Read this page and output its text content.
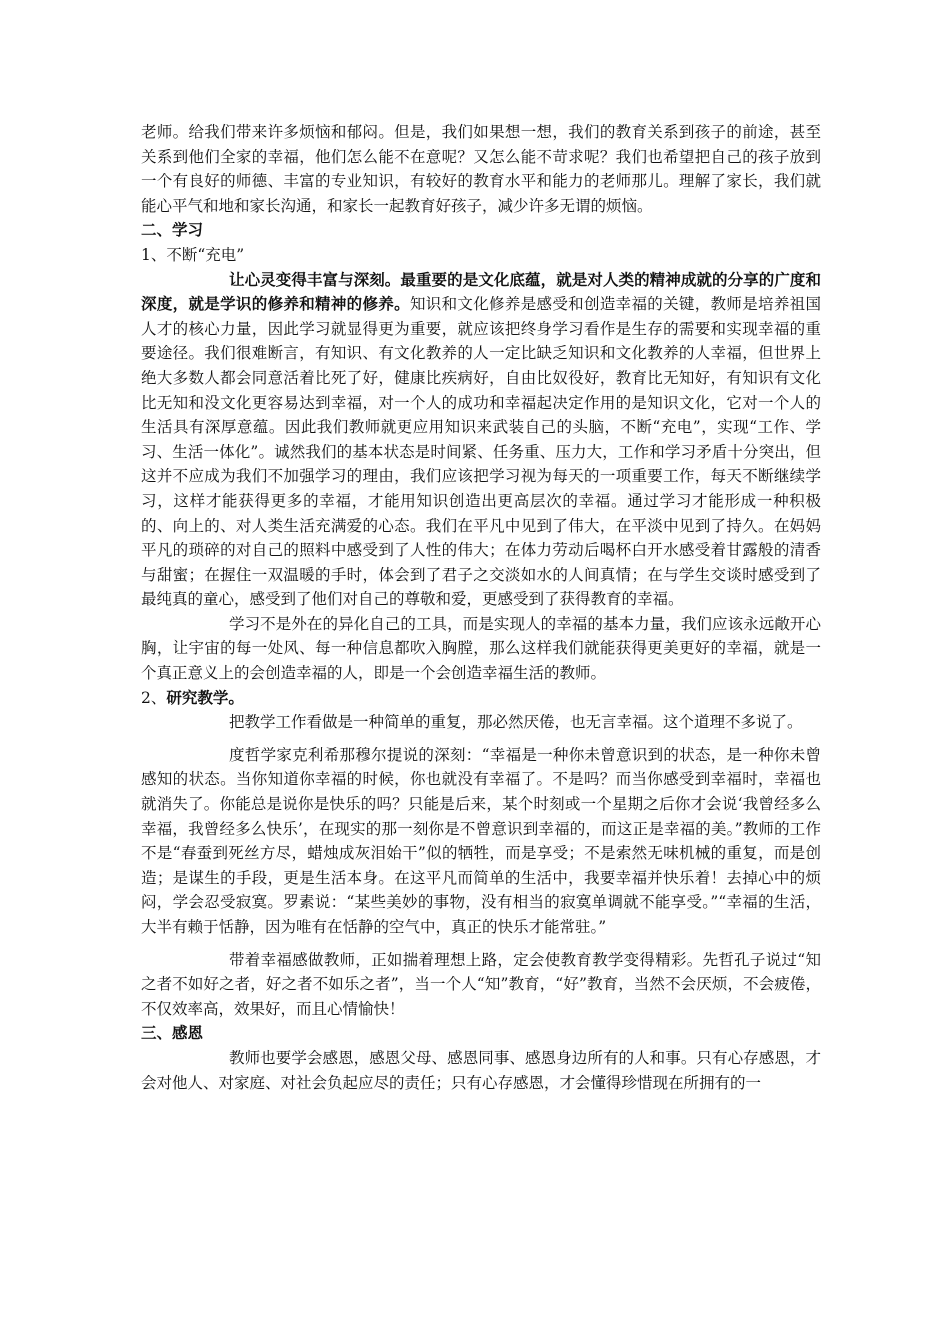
老师。给我们带来许多烦恼和郁闷。但是，我们如果想一想，我们的教育关系到孩子的前途，甚至关系到他们全家的幸福，他们怎么能不在意呢？又怎么能不苛求呢？我们也希望把自己的孩子放到一个有良好的师德、丰富的专业知识，有较好的教育水平和能力的老师那儿。理解了家长，我们就能心平气和地和家长沟通，和家长一起教育好孩子，减少许多无谓的烦恼。

二、学习

1、不断“充电”

让心灵变得丰富与深刻。最重要的是文化底蕴，就是对人类的精神成就的分享的广度和深度，就是学识的修养和精神的修养。知识和文化修养是感受和创造幸福的关键，教师是培养祖国人才的核心力量，因此学习就显得更为重要，就应该把终身学习看作是生存的需要和实现幸福的重要途径。我们很难断言，有知识、有文化教养的人一定比缺乏知识和文化教养的人幸福，但世界上绝大多数人都会同意活着比死了好，健康比疾病好，自由比奴役好，教育比无知好，有知识有文化比无知和没文化更容易达到幸福，对一个人的成功和幸福起决定作用的是知识文化，它对一个人的生活具有深厚意蕴。因此我们教师就更应用知识来武装自己的头脑，不断“充电”，实现“工作、学习、生活一体化”。诚然我们的基本状态是时间紧、任务重、压力大，工作和学习矛盾十分突出，但这并不应成为我们不加强学习的理由，我们应该把学习视为每天的一项重要工作，每天不断继续学习，这样才能获得更多的幸福，才能用知识创造出更高层次的幸福。通过学习才能形成一种积极的、向上的、对人类生活充满爱的心态。我们在平凡中见到了伟大，在平淡中见到了持久。在妈妈平凡的琐碎的对自己的照料中感受到了人性的伟大；在体力劳动后喝杯白开水感受着甘露般的清香与甜蜜；在握住一双温暖的手时，体会到了君子之交淡如水的人间真情；在与学生交谈时感受到了最纯真的童心，感受到了他们对自己的尊敬和爱，更感受到了获得教育的幸福。

学习不是外在的异化自己的工具，而是实现人的幸福的基本力量，我们应该永远敞开心胸，让宇宙的每一处风、每一种信息都吹入胸膛，那么这样我们就能获得更美更好的幸福，就是一个真正意义上的会创造幸福的人，即是一个会创造幸福生活的教师。

2、研究教学。

把教学工作看做是一种简单的重复，那必然厌倦，也无言幸福。这个道理不多说了。

度哲学家克利希那穆尔提说的深刻：“幸福是一种你未曾意识到的状态，是一种你未曾感知的状态。当你知道你幸福的时候，你也就没有幸福了。不是吗？而当你感受到幸福时，幸福也就消失了。你能总是说你是快乐的吗？只能是后来，某个时刻或一个星期之后你才会说‘我曾经多么幸福，我曾经多么快乐’，在现实的那一刻你是不曾意识到幸福的，而这正是幸福的美。”教师的工作不是“春蚕到死丝方尽，蜡烛成灰泪始干”似的牺牲，而是享受；不是索然无味机械的重复，而是创造；是谋生的手段，更是生活本身。在这平凡而简单的生活中，我要幸福并快乐着！去掉心中的烦闷，学会忍受寂寞。罗素说：“某些美妙的事物，没有相当的寂寞单调就不能享受。”“幸福的生活，大半有赖于恬静，因为唯有在恬静的空气中，真正的快乐才能常驻。”

带着幸福感做教师，正如揣着理想上路，定会使教育教学变得精彩。先哲孔子说过“知之者不如好之者，好之者不如乐之者”，当一个人“知”教育，“好”教育，当然不会厌烦，不会疲倦，不仅效率高，效果好，而且心情愉快！

三、感恩

教师也要学会感恩，感恩父母、感恩同事、感恩身边所有的人和事。只有心存感恩，才会对他人、对家庭、对社会负起应尽的责任；只有心存感恩，才会懂得珍惜现在所拥有的一
